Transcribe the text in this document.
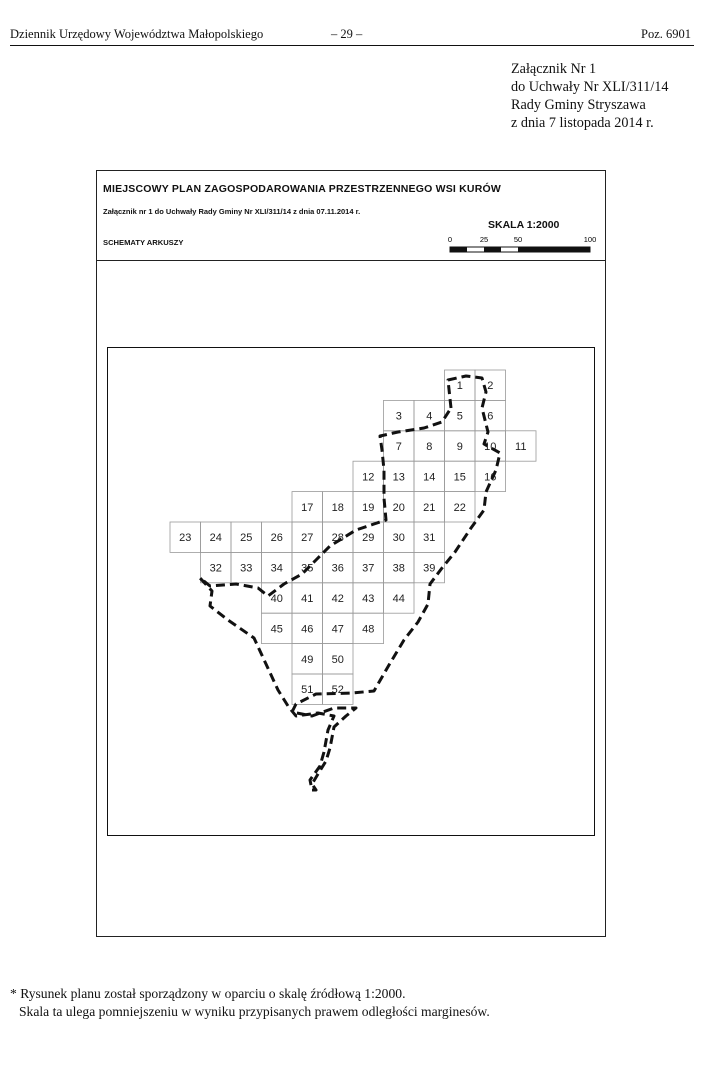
Dziennik Urzędowy Województwa Małopolskiego	– 29 –	Poz. 6901
Załącznik Nr 1
do Uchwały Nr XLI/311/14
Rady Gminy Stryszawa
z dnia 7 listopada 2014 r.
MIEJSCOWY PLAN ZAGOSPODAROWANIA PRZESTRZENNEGO WSI KURÓW
Załącznik nr 1 do Uchwały Rady Gminy Nr XLI/311/14 z dnia 07.11.2014 r.
SCHEMATY ARKUSZY
SKALA 1:2000
0	25	50	100
1 2
3 4 5 6
7 8 9 10 11
12 13 14 15 16
17 18 19 20 21 22
23 24 25 26 27 28 29 30 31
32 33 34 35 36 37 38 39
40 41 42 43 44
45 46 47 48
49 50
51 52
* Rysunek planu został sporządzony w oparciu o skalę źródłową 1:2000.
Skala ta ulega pomniejszeniu w wyniku przypisanych prawem odległości marginesów.
